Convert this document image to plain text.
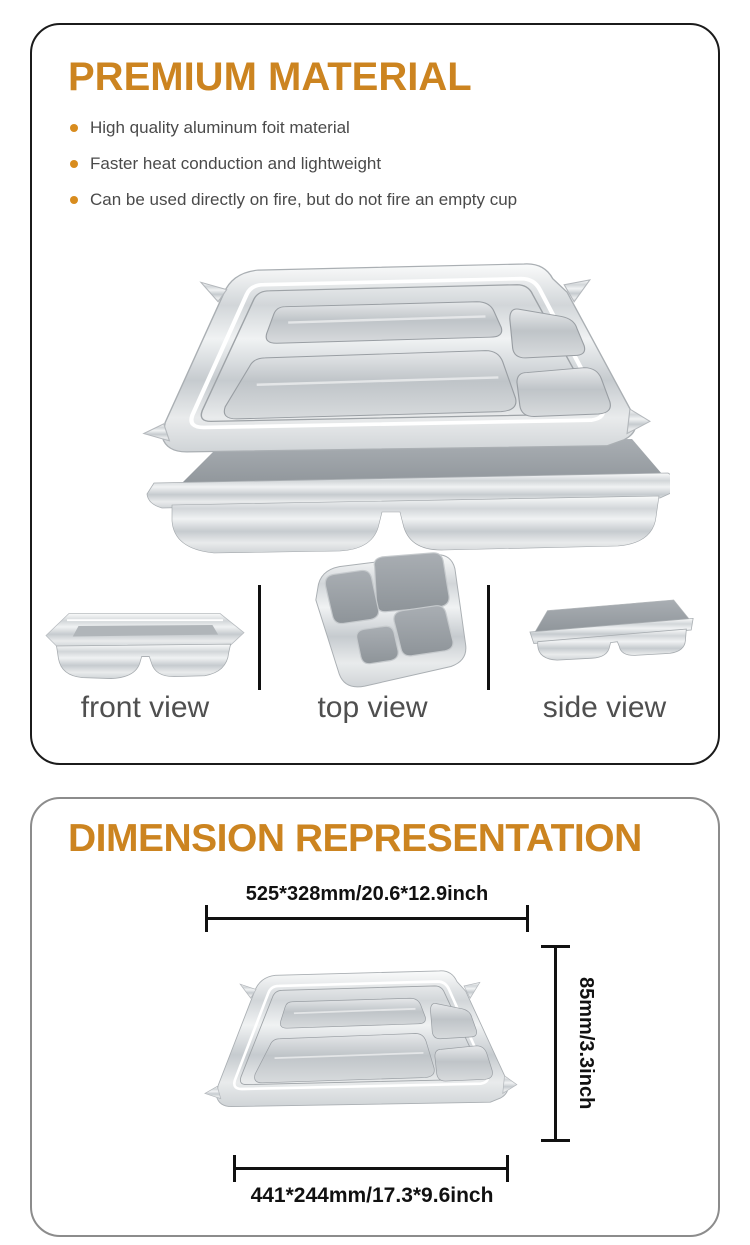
PREMIUM MATERIAL
High quality aluminum foit material
Faster heat conduction and lightweight
Can be used directly on fire, but do not fire an empty cup
front view	top view	side view
DIMENSION REPRESENTATION
525*328mm/20.6*12.9inch
85mm/3.3inch
441*244mm/17.3*9.6inch
